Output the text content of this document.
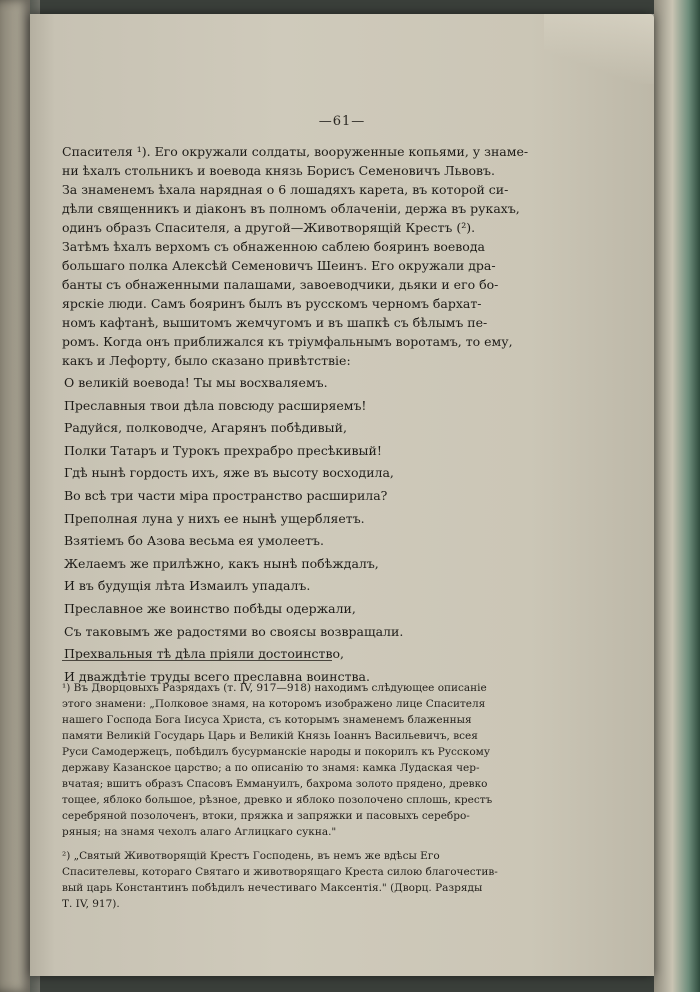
—61—
Спасителя ¹). Его окружали солдаты, вооруженные копьями, у знаме-
ни ѣхалъ стольникъ и воевода князь Борисъ Семеновичъ Львовъ.
За знаменемъ ѣхала нарядная о 6 лошадяхъ карета, въ которой си-
дѣли священникъ и діаконъ въ полномъ облаченіи, держа въ рукахъ,
одинъ образъ Спасителя, а другой—Животворящій Крестъ (²).
Затѣмъ ѣхалъ верхомъ съ обнаженною саблею бояринъ воевода
большаго полка Алексѣй Семеновичъ Шеинъ. Его окружали дра-
банты съ обнаженными палашами, завоеводчики, дьяки и его бо-
ярскіе люди. Самъ бояринъ былъ въ русскомъ черномъ бархат-
номъ кафтанѣ, вышитомъ жемчугомъ и въ шапкѣ съ бѣлымъ пе-
ромъ. Когда онъ приближался къ тріумфальнымъ воротамъ, то ему,
какъ и Лефорту, было сказано привѣтствіе:
О великій воевода! Ты мы восхваляемъ.
Преславныя твои дѣла повсюду расширяемъ!
Радуйся, полководче, Агарянъ побѣдивый,
Полки Татаръ и Турокъ прехрабро пресѣкивый!
Гдѣ нынѣ гордость ихъ, яже въ высоту восходила,
Во всѣ три части міра пространство расширила?
Преполная луна у нихъ ее нынѣ ущербляетъ.
Взятіемъ бо Азова весьма ея умолеетъ.
Желаемъ же прилѣжно, какъ нынѣ побѣждалъ,
И въ будущія лѣта Измаилъ упадалъ.
Преславное же воинство побѣды одержали,
Съ таковымъ же радостями во своясы возвращали.
Прехвальныя тѣ дѣла пріяли достоинство,
И дваждѣтіе труды всего преславна воинства.
¹) Въ Дворцовыхъ Разрядахъ (т. IV, 917—918) находимъ слѣдующее описаніе
этого знамени: „Полковое знамя, на которомъ изображено лице Спасителя
нашего Господа Бога Іисуса Христа, съ которымъ знаменемъ блаженныя
памяти Великій Государь Царь и Великій Князь Іоаннъ Васильевичъ, всея
Руси Самодержецъ, побѣдилъ бусурманскіе народы и покорилъ къ Русскому
державу Казанское царство; а по описанію то знамя: камка Лудаская чер-
вчатая; вшитъ образъ Спасовъ Еммануилъ, бахрома золото прядено, древко
тощее, яблоко большое, рѣзное, древко и яблоко позолочено сплошь, крестъ
серебряной позолоченъ, втоки, пряжка и запряжки и пасовыхъ серебро-
ряныя; на знамя чехолъ алаго Аглицкаго сукна."
²) „Святый Животворящій Крестъ Господень, въ немъ же вдѣсы Его
Спасителевы, котораго Святаго и животворящаго Креста силою благочестив-
вый царь Константинъ побѣдилъ нечестиваго Максентія." (Дворц. Разряды
Т. IV, 917).
